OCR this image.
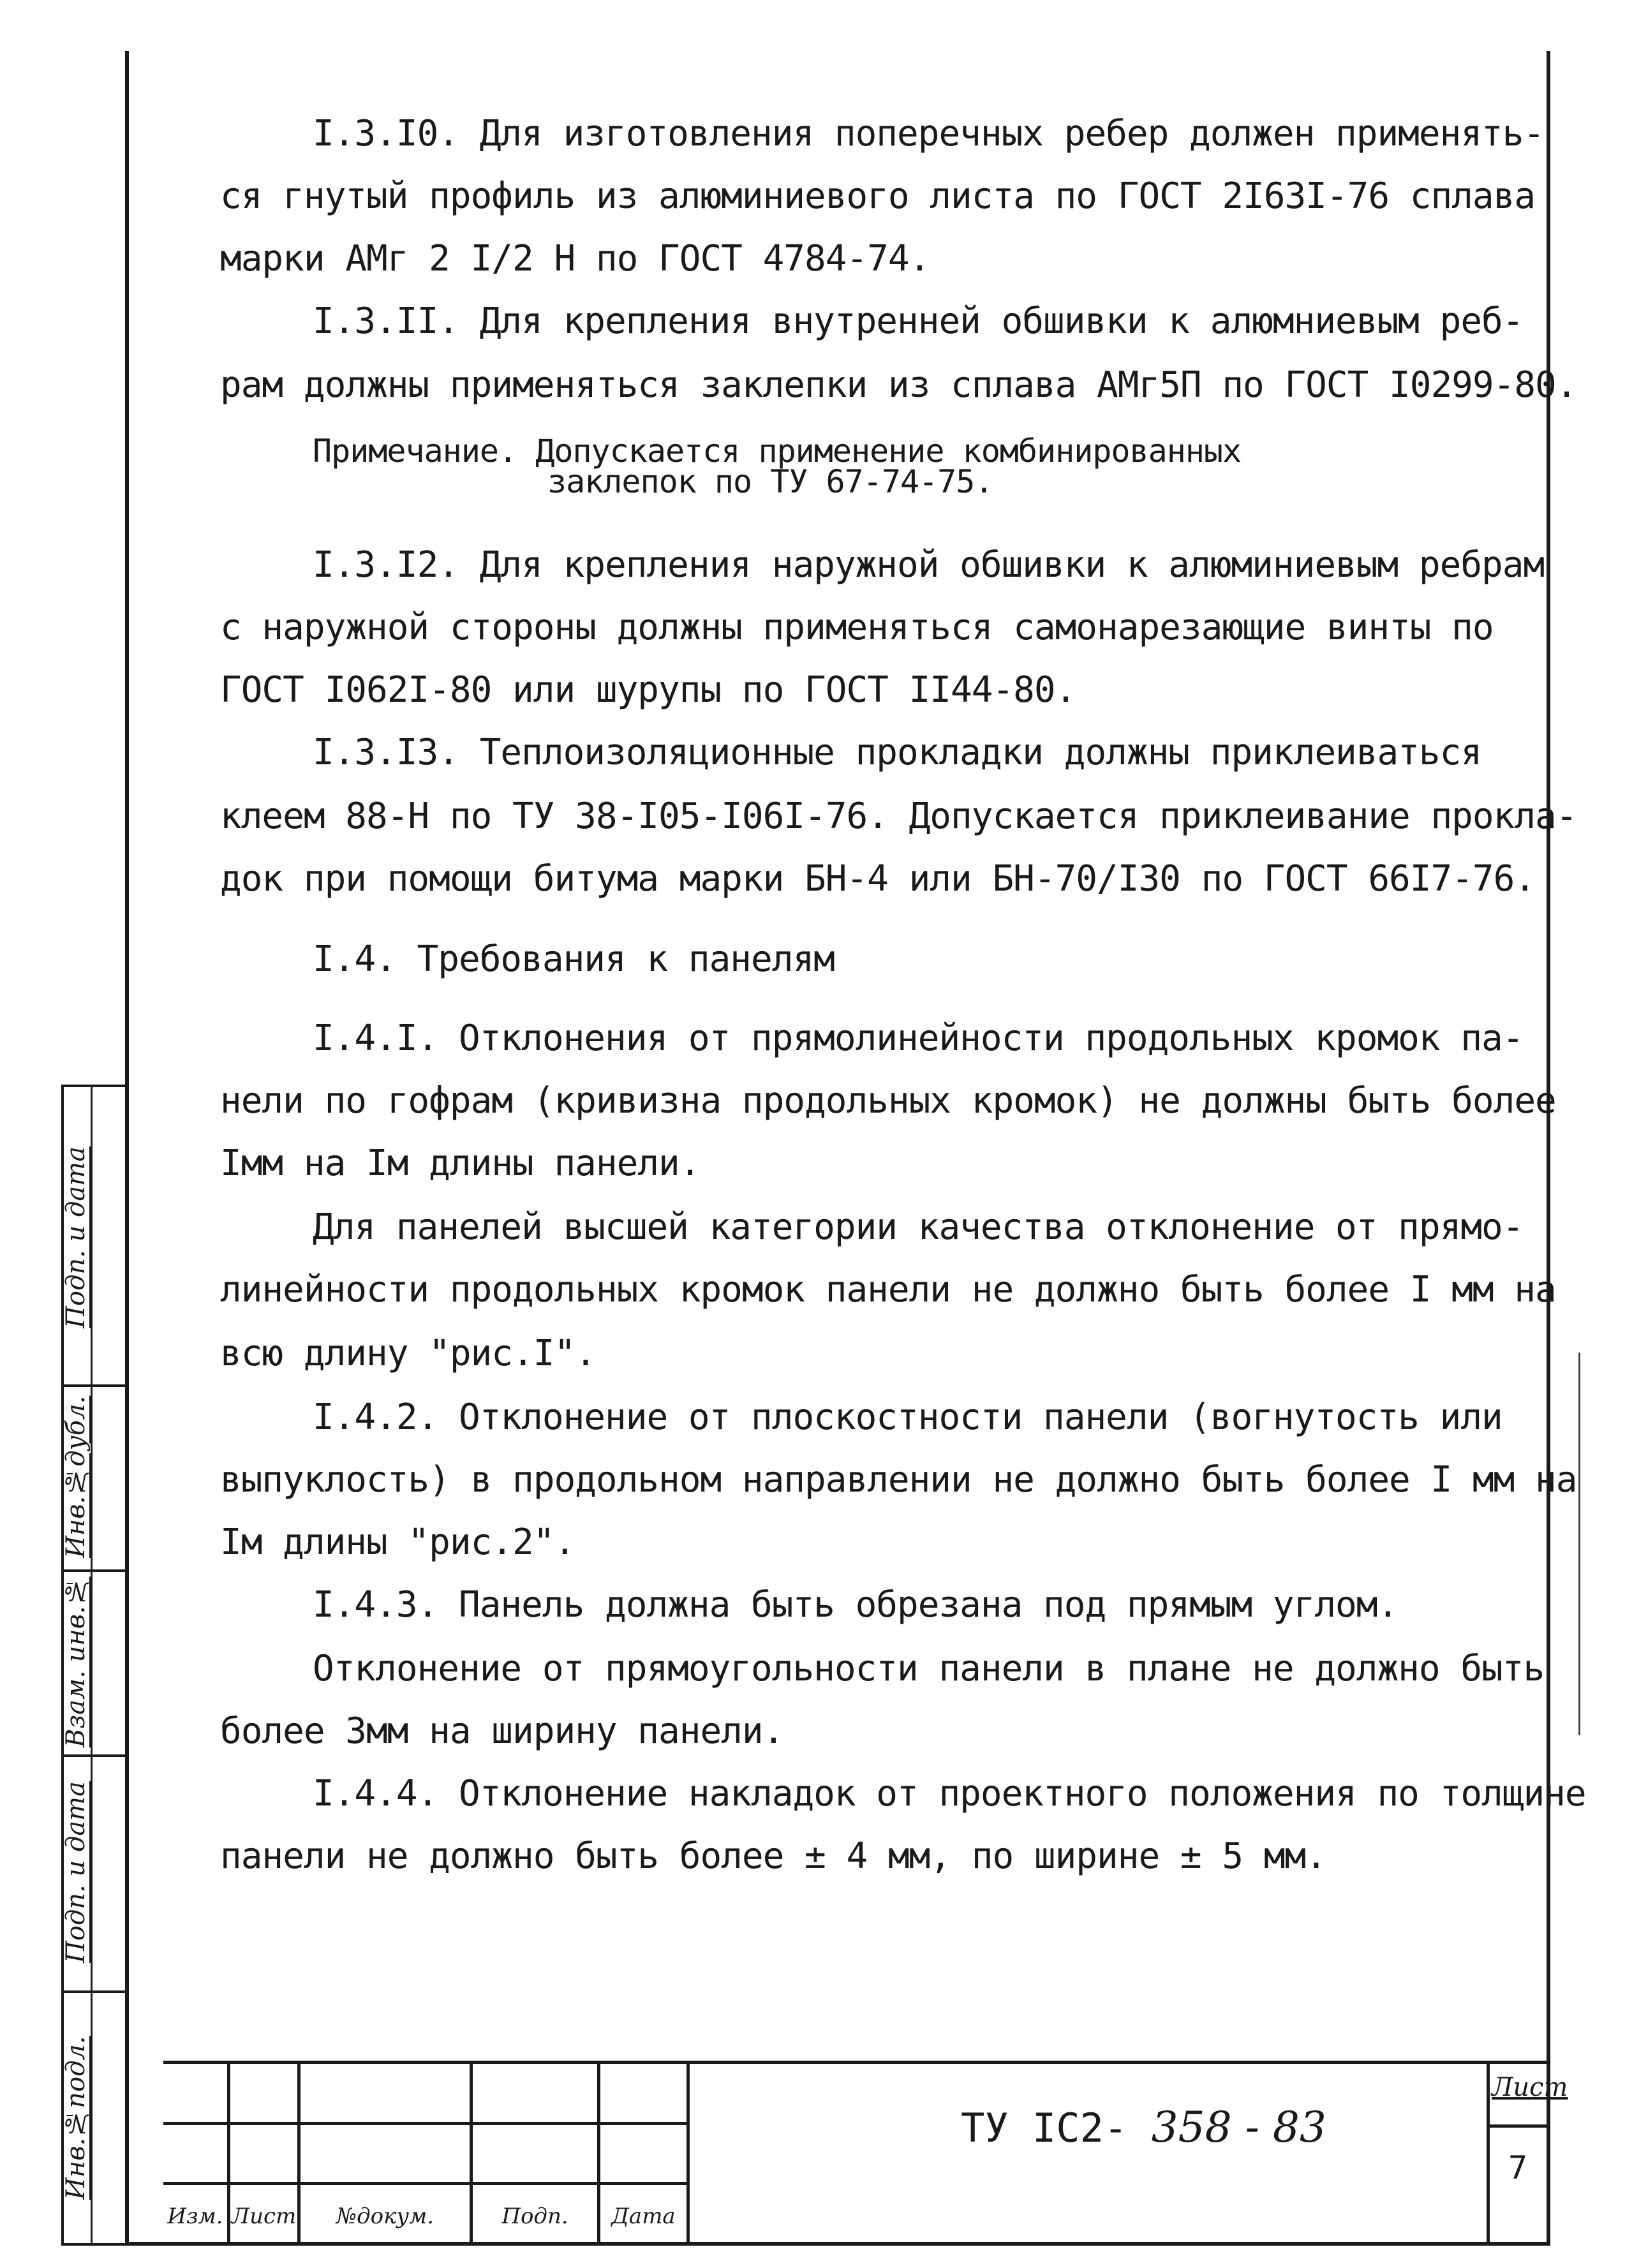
I.3.I0. Для изготовления поперечных ребер должен применять-
ся гнутый профиль из алюминиевого листа по ГОСТ 2I63I-76 сплава
марки АМг 2 I/2 Н по ГОСТ 4784-74.
I.3.II. Для крепления внутренней обшивки к алюмниевым реб-
рам должны применяться заклепки из сплава АМг5П по ГОСТ I0299-80.
Примечание. Допускается применение комбинированных
заклепок по ТУ 67-74-75.
I.3.I2. Для крепления наружной обшивки к алюминиевым ребрам
с наружной стороны должны применяться самонарезающие винты по
ГОСТ I062I-80 или шурупы по ГОСТ II44-80.
I.3.I3. Теплоизоляционные прокладки должны приклеиваться
клеем 88-Н по ТУ 38-I05-I06I-76. Допускается приклеивание прокла-
док при помощи битума марки БН-4 или БН-70/I30 по ГОСТ 66I7-76.
I.4. Требования к панелям
I.4.I. Отклонения от прямолинейности продольных кромок па-
нели по гофрам (кривизна продольных кромок) не должны быть более
Iмм на Iм длины панели.
Для панелей высшей категории качества отклонение от прямо-
линейности продольных кромок панели не должно быть более I мм на
всю длину "рис.I".
I.4.2. Отклонение от плоскостности панели (вогнутость или
выпуклость) в продольном направлении не должно быть более I мм на
Iм длины "рис.2".
I.4.3. Панель должна быть обрезана под прямым углом.
Отклонение от прямоугольности панели в плане не должно быть
более 3мм на ширину панели.
I.4.4. Отклонение накладок от проектного положения по толщине
панели не должно быть более ± 4 мм, по ширине ± 5 мм.
Подп. и дата
Инв.№дубл.
Взам. инв.№
Подп. и дата
Инв.№подл.
Изм. Лист	№докум.	Подп.	Дата
ТУ IС2- 358 - 83
Лист
7
